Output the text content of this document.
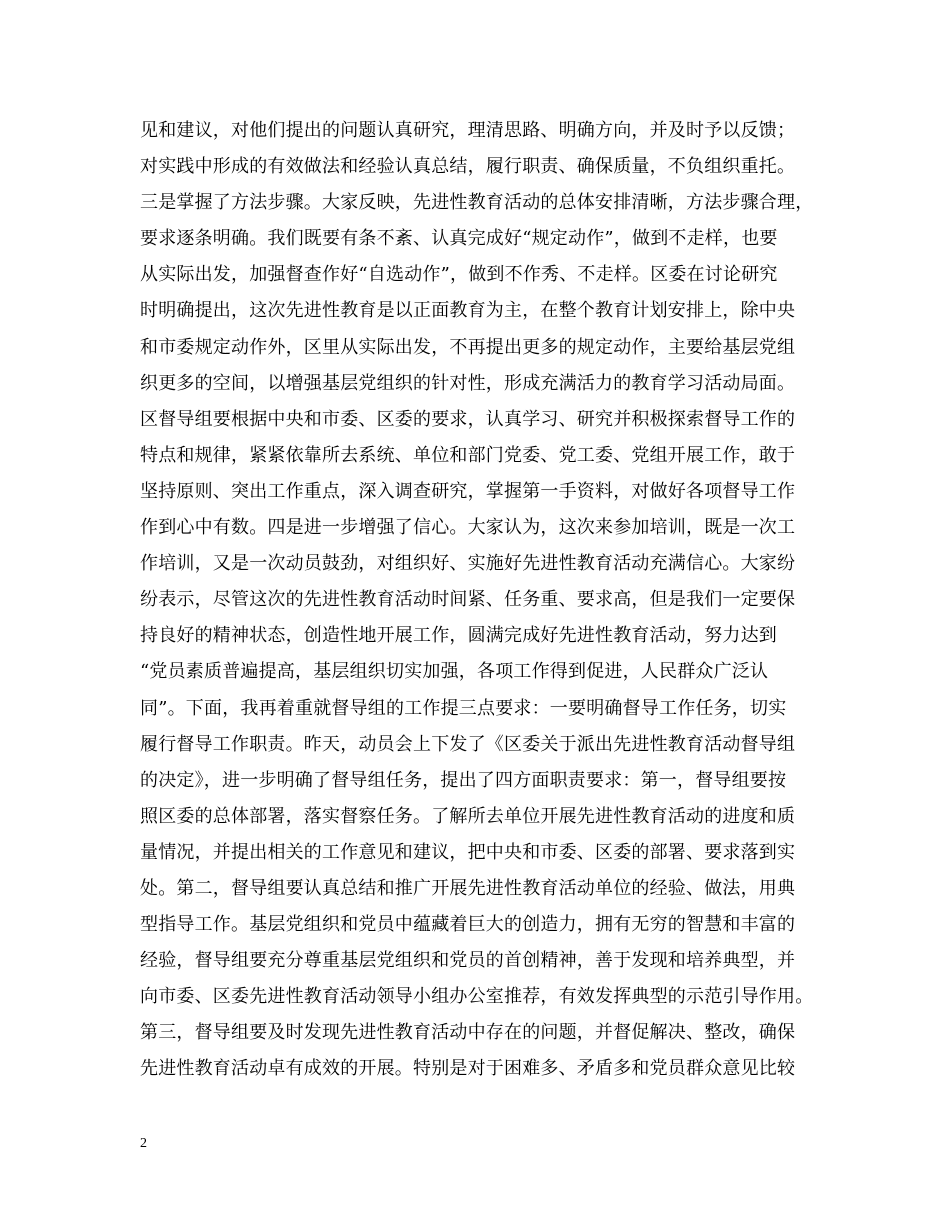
见和建议，对他们提出的问题认真研究，理清思路、明确方向，并及时予以反馈；
对实践中形成的有效做法和经验认真总结，履行职责、确保质量，不负组织重托。
三是掌握了方法步骤。大家反映，先进性教育活动的总体安排清晰，方法步骤合理，
要求逐条明确。我们既要有条不紊、认真完成好“规定动作”，做到不走样，也要
从实际出发，加强督查作好“自选动作”，做到不作秀、不走样。区委在讨论研究
时明确提出，这次先进性教育是以正面教育为主，在整个教育计划安排上，除中央
和市委规定动作外，区里从实际出发，不再提出更多的规定动作，主要给基层党组
织更多的空间，以增强基层党组织的针对性，形成充满活力的教育学习活动局面。
区督导组要根据中央和市委、区委的要求，认真学习、研究并积极探索督导工作的
特点和规律，紧紧依靠所去系统、单位和部门党委、党工委、党组开展工作，敢于
坚持原则、突出工作重点，深入调查研究，掌握第一手资料，对做好各项督导工作
作到心中有数。四是进一步增强了信心。大家认为，这次来参加培训，既是一次工
作培训，又是一次动员鼓劲，对组织好、实施好先进性教育活动充满信心。大家纷
纷表示，尽管这次的先进性教育活动时间紧、任务重、要求高，但是我们一定要保
持良好的精神状态，创造性地开展工作，圆满完成好先进性教育活动，努力达到
“党员素质普遍提高，基层组织切实加强，各项工作得到促进，人民群众广泛认
同”。下面，我再着重就督导组的工作提三点要求：一要明确督导工作任务，切实
履行督导工作职责。昨天，动员会上下发了《区委关于派出先进性教育活动督导组
的决定》，进一步明确了督导组任务，提出了四方面职责要求：第一，督导组要按
照区委的总体部署，落实督察任务。了解所去单位开展先进性教育活动的进度和质
量情况，并提出相关的工作意见和建议，把中央和市委、区委的部署、要求落到实
处。第二，督导组要认真总结和推广开展先进性教育活动单位的经验、做法，用典
型指导工作。基层党组织和党员中蕴藏着巨大的创造力，拥有无穷的智慧和丰富的
经验，督导组要充分尊重基层党组织和党员的首创精神，善于发现和培养典型，并
向市委、区委先进性教育活动领导小组办公室推荐，有效发挥典型的示范引导作用。
第三，督导组要及时发现先进性教育活动中存在的问题，并督促解决、整改，确保
先进性教育活动卓有成效的开展。特别是对于困难多、矛盾多和党员群众意见比较
2
